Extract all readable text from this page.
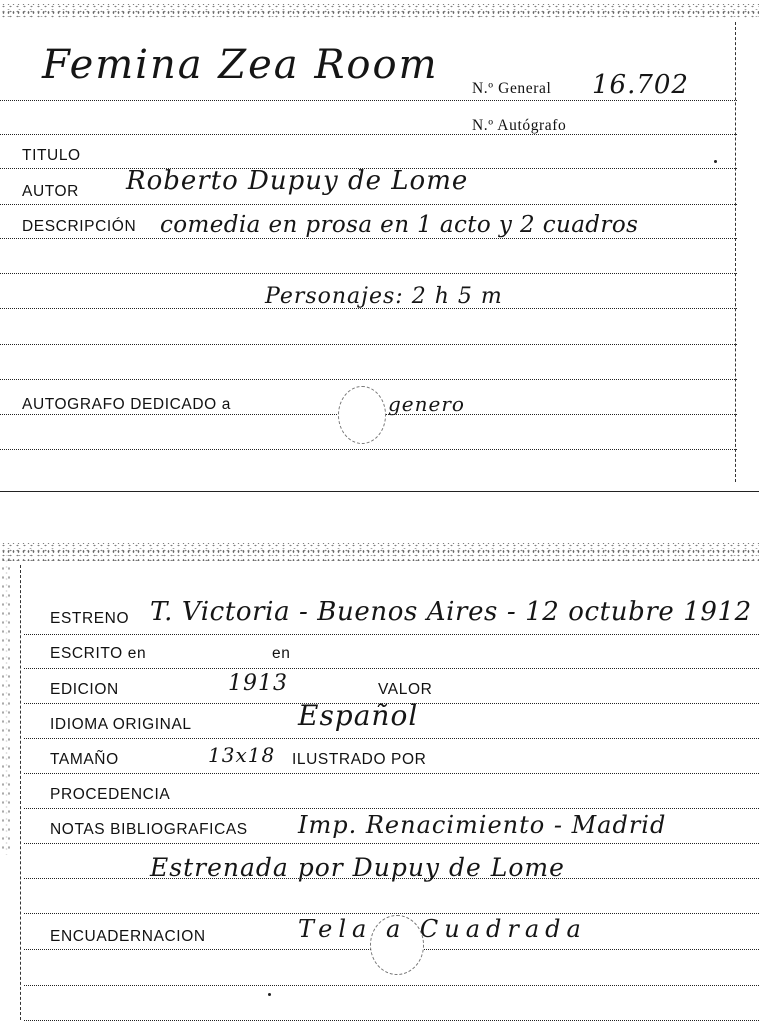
Femina Zea Room
N.º General 16.702
N.º Autógrafo
TITULO
AUTOR Roberto Dupuy de Lome
DESCRIPCIÓN comedia en prosa en 1 acto y 2 cuadros
Personajes: 2 h 5 m
AUTOGRAFO DEDICADO a	genero
ESTRENO T. Victoria - Buenos Aires - 12 octubre 1912
ESCRITO en	en
EDICION	1913	VALOR
IDIOMA ORIGINAL	Español
TAMAÑO	13x18 ILUSTRADO POR
PROCEDENCIA
NOTAS BIBLIOGRAFICAS Imp. Renacimiento - Madrid
Estrenada por Dupuy de Lome
ENCUADERNACION	Tela a Cuadrada
